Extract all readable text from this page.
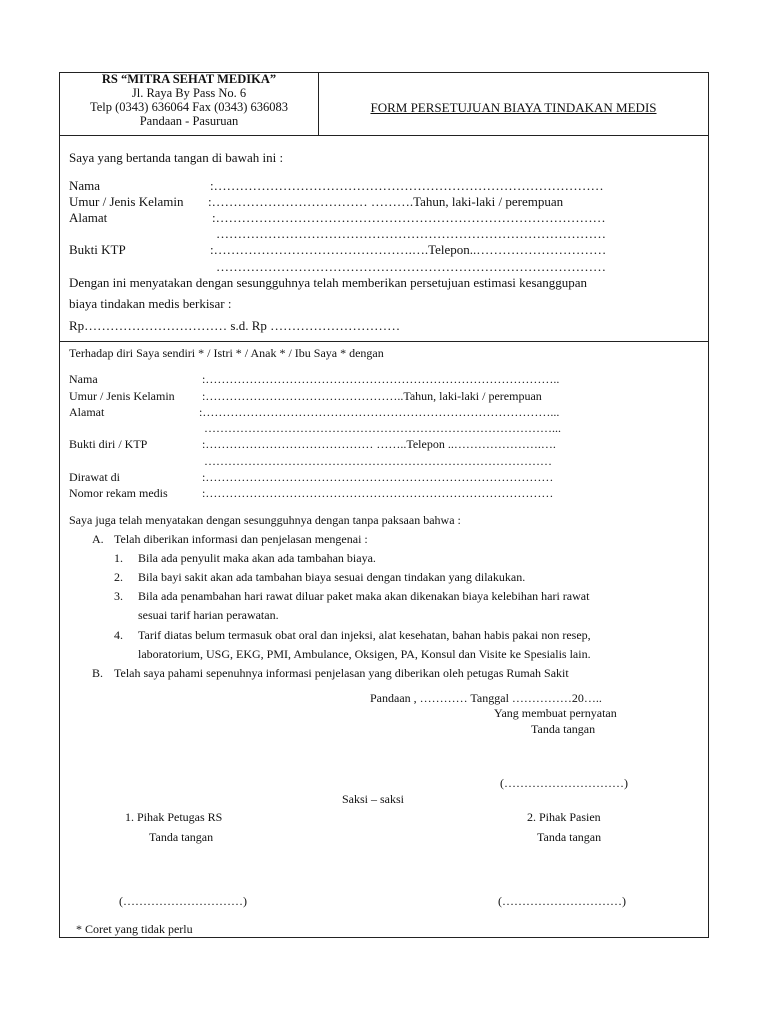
RS “MITRA SEHAT MEDIKA”
Jl. Raya By Pass No. 6
Telp (0343) 636064 Fax (0343) 636083
Pandaan - Pasuruan
FORM PERSETUJUAN BIAYA TINDAKAN MEDIS
Saya yang bertanda tangan di bawah ini :
Nama	:………………………………………………………………………………
Umur / Jenis Kelamin :……………………………… ……….Tahun, laki-laki / perempuan
Alamat	:………………………………………………………………………………
………………………………………………………………………………
Bukti KTP	:……………………………………….….Telepon..…………………………
………………………………………………………………………………
Dengan ini menyatakan dengan sesungguhnya telah memberikan persetujuan estimasi kesanggupan
biaya tindakan medis berkisar :
Rp…………………………… s.d. Rp …………………………
Terhadap diri Saya sendiri * / Istri * / Anak * / Ibu Saya * dengan
Nama	:……………………………………………………………………………..
Umur / Jenis Kelamin :…………………………………………..Tahun, laki-laki / perempuan
Alamat	:……………………………………………………………………………...
……………………………………………………………………………...
Bukti diri / KTP	:…………………………………… ……..Telepon ..………………….….
……………………………………………………………………………
Dirawat di	:……………………………………………………………………………
Nomor rekam medis	:……………………………………………………………………………
Saya juga telah menyatakan dengan sesungguhnya dengan tanpa paksaan bahwa :
A. Telah diberikan informasi dan penjelasan mengenai :
1. Bila ada penyulit maka akan ada tambahan biaya.
2. Bila bayi sakit akan ada tambahan biaya sesuai dengan tindakan yang dilakukan.
3. Bila ada penambahan hari rawat diluar paket maka akan dikenakan biaya kelebihan hari rawat
sesuai tarif harian perawatan.
4. Tarif diatas belum termasuk obat oral dan injeksi, alat kesehatan, bahan habis pakai non resep,
laboratorium, USG, EKG, PMI, Ambulance, Oksigen, PA, Konsul dan Visite ke Spesialis lain.
B. Telah saya pahami sepenuhnya informasi penjelasan yang diberikan oleh petugas Rumah Sakit
Pandaan , ………… Tanggal ……………20…..
Yang membuat pernyatan
Tanda tangan
(…………………………)
Saksi – saksi
1. Pihak Petugas RS	2. Pihak Pasien
Tanda tangan	Tanda tangan
(…………………………)	(…………………………)
* Coret yang tidak perlu
